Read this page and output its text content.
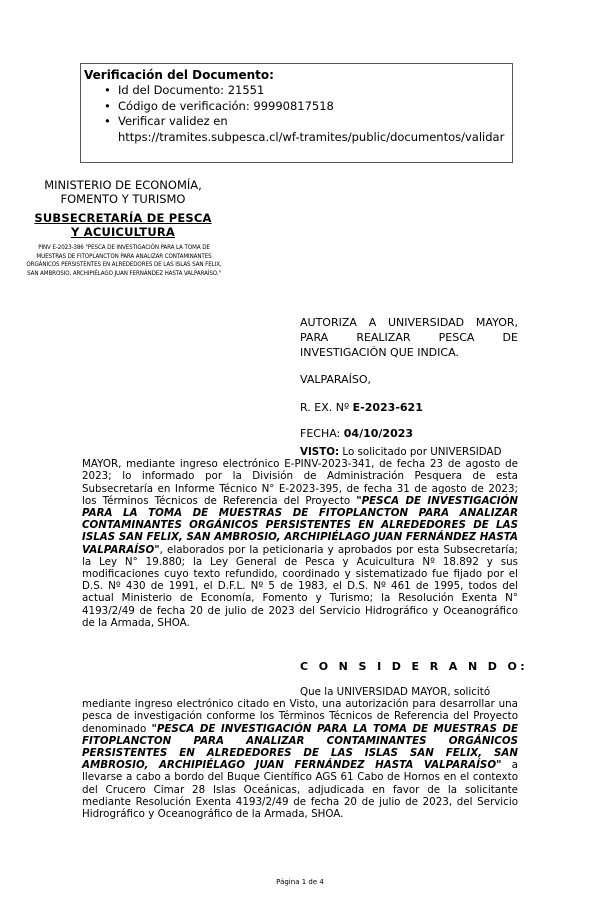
Verificación del Documento:
• Id del Documento: 21551
• Código de verificación: 99990817518
• Verificar validez en
https://tramites.subpesca.cl/wf-tramites/public/documentos/validar
MINISTERIO DE ECONOMÍA, FOMENTO Y TURISMO
SUBSECRETARÍA DE PESCA Y ACUICULTURA
PINV E-2023-386 "PESCA DE INVESTIGACIÓN PARA LA TOMA DE MUESTRAS DE FITOPLANCTON PARA ANALIZAR CONTAMINANTES ORGÁNICOS PERSISTENTES EN ALREDEDORES DE LAS ISLAS SAN FELIX, SAN AMBROSIO, ARCHIPIÉLAGO JUAN FERNÁNDEZ HASTA VALPARAÍSO."
AUTORIZA A UNIVERSIDAD MAYOR,
PARA	REALIZAR	PESCA	DE
INVESTIGACIÓN QUE INDICA.
VALPARAÍSO,
R. EX. Nº E-2023-621
FECHA: 04/10/2023
VISTO: Lo solicitado por UNIVERSIDAD
MAYOR, mediante ingreso electrónico E-PINV-2023-341, de fecha 23 de agosto de 2023; lo informado por la División de Administración Pesquera de esta Subsecretaría en Informe Técnico N° E-2023-395, de fecha 31 de agosto de 2023; los Términos Técnicos de Referencia del Proyecto "PESCA DE INVESTIGACIÓN PARA LA TOMA DE MUESTRAS DE FITOPLANCTON PARA ANALIZAR CONTAMINANTES ORGÁNICOS PERSISTENTES EN ALREDEDORES DE LAS ISLAS SAN FELIX, SAN AMBROSIO, ARCHIPIÉLAGO JUAN FERNÁNDEZ HASTA VALPARAÍSO", elaborados por la peticionaria y aprobados por esta Subsecretaría; la Ley N° 19.880; la Ley General de Pesca y Acuicultura Nº 18.892 y sus modificaciones cuyo texto refundido, coordinado y sistematizado fue fijado por el D.S. Nº 430 de 1991, el D.F.L. Nº 5 de 1983, el D.S. Nº 461 de 1995, todos del actual Ministerio de Economía, Fomento y Turismo; la Resolución Exenta N° 4193/2/49 de fecha 20 de julio de 2023 del Servicio Hidrográfico y Oceanográfico de la Armada, SHOA.
C O N S I D E R A N D O:
Que la UNIVERSIDAD MAYOR, solicitó
mediante ingreso electrónico citado en Visto, una autorización para desarrollar una pesca de investigación conforme los Términos Técnicos de Referencia del Proyecto denominado "PESCA DE INVESTIGACIÓN PARA LA TOMA DE MUESTRAS DE FITOPLANCTON PARA ANALIZAR CONTAMINANTES ORGÁNICOS PERSISTENTES EN ALREDEDORES DE LAS ISLAS SAN FELIX, SAN AMBROSIO, ARCHIPIÉLAGO JUAN FERNÁNDEZ HASTA VALPARAÍSO" a llevarse a cabo a bordo del Buque Científico AGS 61 Cabo de Hornos en el contexto del Crucero Cimar 28 Islas Oceánicas, adjudicada en favor de la solicitante mediante Resolución Exenta 4193/2/49 de fecha 20 de julio de 2023, del Servicio Hidrográfico y Oceanográfico de la Armada, SHOA.
Página 1 de 4
